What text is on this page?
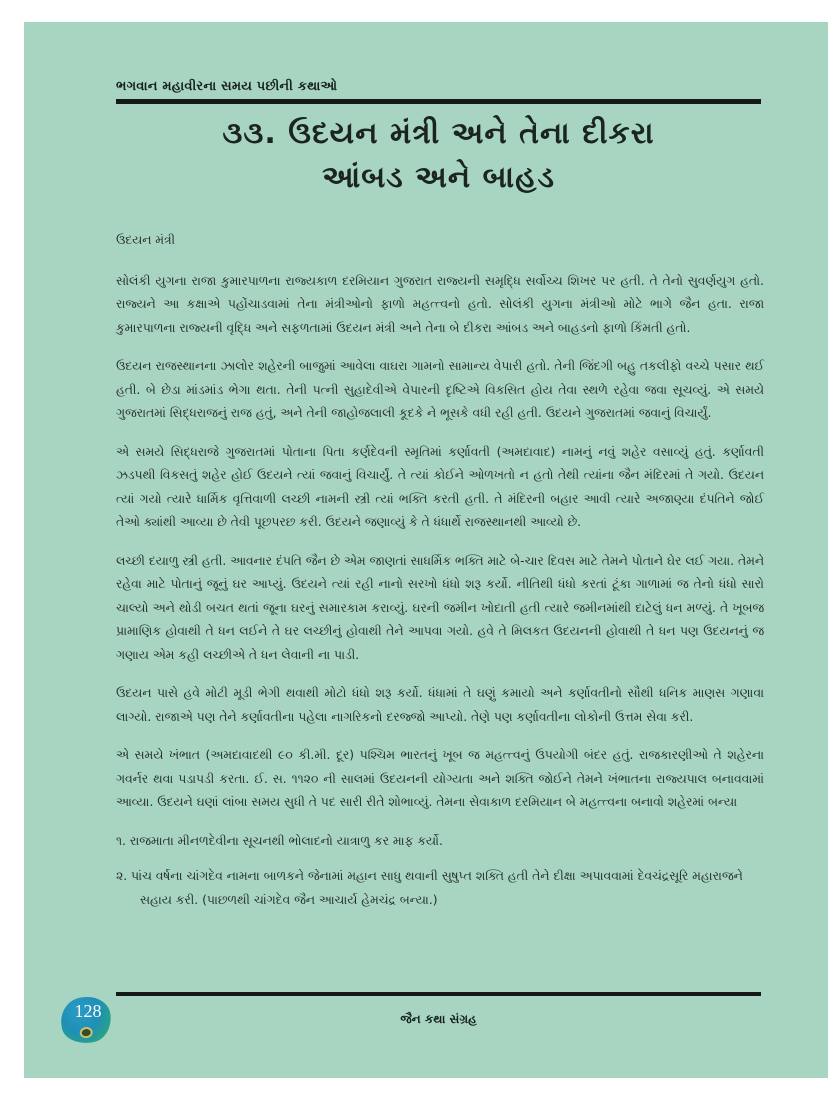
ભગવાન મહાવીરના સમય પછીની કથાઓ
૩૩. ઉદયન મંત્રી અને તેના દીકરા
આંબડ અને બાહડ

ઉદયન મંત્રી

સોલંકી યુગના રાજા કુમારપાળના રાજ્યકાળ દરમિયાન ગુજરાત રાજ્યની સમૃદ્ધિ સર્વોચ્ચ શિખર પર હતી. તે તેનો સુવર્ણયુગ હતો. રાજ્યને આ કક્ષાએ પહોંચાડવામાં તેના મંત્રીઓનો ફાળો મહત્ત્વનો હતો. સોલંકી યુગના મંત્રીઓ મોટે ભાગે જૈન હતા. રાજા કુમારપાળના રાજ્યની વૃદ્ધિ અને સફળતામાં ઉદયન મંત્રી અને તેના બે દીકરા આંબડ અને બાહડનો ફાળો કિંમતી હતો.

ઉદયન રાજસ્થાનના ઝાલોર શહેરની બાજુમાં આવેલા વાઘરા ગામનો સામાન્ય વેપારી હતો. તેની જિંદગી બહુ તકલીફો વચ્ચે પસાર થઈ હતી. બે છેડા માંડમાંડ ભેગા થતા. તેની પત્ની સુહાદેવીએ વેપારની દૃષ્ટિએ વિકસિત હોય તેવા સ્થળે રહેવા જવા સૂચવ્યું. એ સમયે ગુજરાતમાં સિદ્ધરાજનું રાજ હતું, અને તેની જાહોજલાલી કૂદકે ને ભૂસકે વધી રહી હતી. ઉદયને ગુજરાતમાં જવાનું વિચાર્યું.

એ સમયે સિદ્ધરાજે ગુજરાતમાં પોતાના પિતા કર્ણદેવની સ્મૃતિમાં કર્ણાવતી (અમદાવાદ) નામનું નવું શહેર વસાવ્યું હતું. કર્ણાવતી ઝડપથી વિકસતું શહેર હોઈ ઉદયને ત્યાં જવાનું વિચાર્યું. તે ત્યાં કોઈને ઓળખતો ન હતો તેથી ત્યાંના જૈન મંદિરમાં તે ગયો. ઉદયન ત્યાં ગયો ત્યારે ધાર્મિક વૃત્તિવાળી લચ્છી નામની સ્ત્રી ત્યાં ભક્તિ કરતી હતી. તે મંદિરની બહાર આવી ત્યારે અજાણ્યા દંપતિને જોઈ તેઓ ક્યાંથી આવ્યા છે તેવી પૂછપરછ કરી. ઉદયને જણાવ્યું કે તે ધંધાર્થે રાજસ્થાનથી આવ્યો છે.

લચ્છી દયાળુ સ્ત્રી હતી. આવનાર દંપતિ જૈન છે એમ જાણતાં સાધર્મિક ભક્તિ માટે બે-ચાર દિવસ માટે તેમને પોતાને ઘેર લઈ ગયા. તેમને રહેવા માટે પોતાનું જૂનું ઘર આપ્યું. ઉદયને ત્યાં રહી નાનો સરખો ધંધો શરૂ કર્યો. નીતિથી ધંધો કરતાં ટૂંકા ગાળામાં જ તેનો ધંધો સારો ચાલ્યો અને થોડી બચત થતાં જૂના ઘરનું સમારકામ કરાવ્યું. ઘરની જમીન ખોદાતી હતી ત્યારે જમીનમાંથી દાટેલું ધન મળ્યું. તે ખૂબજ પ્રામાણિક હોવાથી તે ધન લઈને તે ઘર લચ્છીનું હોવાથી તેને આપવા ગયો. હવે તે મિલકત ઉદયનની હોવાથી તે ધન પણ ઉદયનનું જ ગણાય એમ કહી લચ્છીએ તે ધન લેવાની ના પાડી.

ઉદયન પાસે હવે મોટી મૂડી ભેગી થવાથી મોટો ધંધો શરૂ કર્યો. ધંધામાં તે ઘણું કમાયો અને કર્ણાવતીનો સૌથી ધનિક માણસ ગણાવા લાગ્યો. રાજાએ પણ તેને કર્ણાવતીના પહેલા નાગરિકનો દરજ્જો આપ્યો. તેણે પણ કર્ણાવતીના લોકોની ઉત્તમ સેવા કરી.

એ સમયે ખંભાત (અમદાવાદથી ૯૦ કી.મી. દૂર) પશ્ચિમ ભારતનું ખૂબ જ મહત્ત્વનું ઉપયોગી બંદર હતું. રાજકારણીઓ તે શહેરના ગવર્નર થવા પડાપડી કરતા. ઈ. સ. ૧૧૨૦ ની સાલમાં ઉદયનની યોગ્યતા અને શક્તિ જોઈને તેમને ખંભાતના રાજ્યપાલ બનાવવામાં આવ્યા. ઉદયને ઘણાં લાંબા સમય સુધી તે પદ સારી રીતે શોભાવ્યું. તેમના સેવાકાળ દરમિયાન બે મહત્ત્વના બનાવો શહેરમાં બન્યા

૧. રાજમાતા મીનળદેવીના સૂચનથી ભોલાદનો યાત્રાળુ કર માફ કર્યો.
૨. પાંચ વર્ષના ચાંગદેવ નામના બાળકને જેનામાં મહાન સાધુ થવાની સુષુપ્ત શક્તિ હતી તેને દીક્ષા અપાવવામાં દેવચંદ્રસૂરિ મહારાજને સહાય કરી. (પાછળથી ચાંગદેવ જૈન આચાર્ય હેમચંદ્ર બન્યા.)
જૈન કથા સંગ્રહ
128
